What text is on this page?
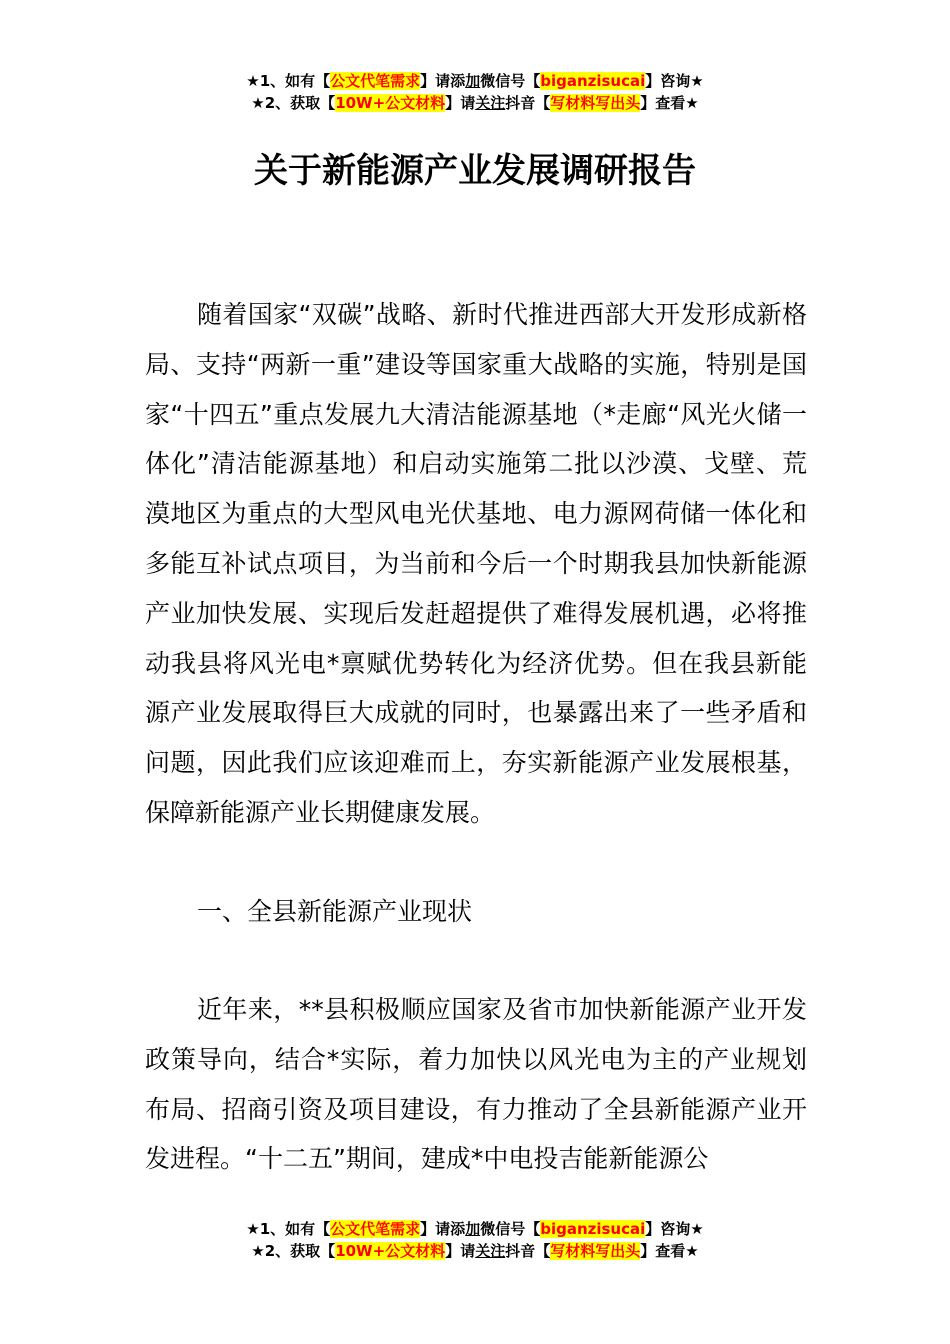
★1、如有【公文代笔需求】请添加微信号【biganzisucai】咨询★
★2、获取【10W+公文材料】请关注抖音【写材料写出头】查看★
关于新能源产业发展调研报告

随着国家“双碳”战略、新时代推进西部大开发形成新格局、支持“两新一重”建设等国家重大战略的实施，特别是国家“十四五”重点发展九大清洁能源基地（*走廊“风光火储一体化”清洁能源基地）和启动实施第二批以沙漠、戈壁、荒漠地区为重点的大型风电光伏基地、电力源网荷储一体化和多能互补试点项目，为当前和今后一个时期我县加快新能源产业加快发展、实现后发赶超提供了难得发展机遇，必将推动我县将风光电*禀赋优势转化为经济优势。但在我县新能源产业发展取得巨大成就的同时，也暴露出来了一些矛盾和问题，因此我们应该迎难而上，夯实新能源产业发展根基，保障新能源产业长期健康发展。

一、全县新能源产业现状

近年来，**县积极顺应国家及省市加快新能源产业开发政策导向，结合*实际，着力加快以风光电为主的产业规划布局、招商引资及项目建设，有力推动了全县新能源产业开发进程。“十二五”期间，建成*中电投吉能新能源公

★1、如有【公文代笔需求】请添加微信号【biganzisucai】咨询★
★2、获取【10W+公文材料】请关注抖音【写材料写出头】查看★
